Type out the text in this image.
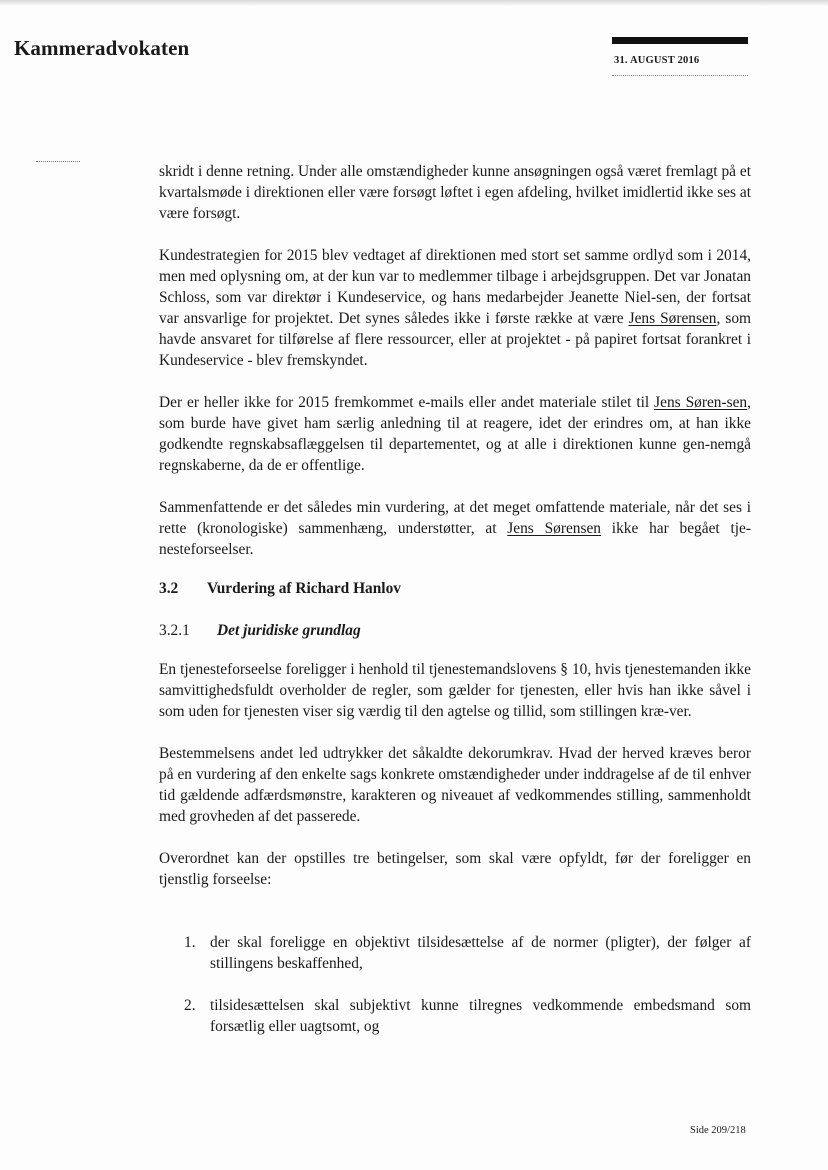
Kammeradvokaten
31. AUGUST 2016

skridt i denne retning. Under alle omstændigheder kunne ansøgningen også været fremlagt på et kvartalsmøde i direktionen eller være forsøgt løftet i egen afdeling, hvilket imidlertid ikke ses at være forsøgt.

Kundestrategien for 2015 blev vedtaget af direktionen med stort set samme ordlyd som i 2014, men med oplysning om, at der kun var to medlemmer tilbage i arbejdsgruppen. Det var Jonatan Schloss, som var direktør i Kundeservice, og hans medarbejder Jeanette Niel-sen, der fortsat var ansvarlige for projektet. Det synes således ikke i første række at være Jens Sørensen, som havde ansvaret for tilførelse af flere ressourcer, eller at projektet - på papiret fortsat forankret i Kundeservice - blev fremskyndet.

Der er heller ikke for 2015 fremkommet e-mails eller andet materiale stilet til Jens Søren-sen, som burde have givet ham særlig anledning til at reagere, idet der erindres om, at han ikke godkendte regnskabsaflæggelsen til departementet, og at alle i direktionen kunne gen-nemgå regnskaberne, da de er offentlige.

Sammenfattende er det således min vurdering, at det meget omfattende materiale, når det ses i rette (kronologiske) sammenhæng, understøtter, at Jens Sørensen ikke har begået tje-nesteforseelser.

3.2 Vurdering af Richard Hanlov
3.2.1 Det juridiske grundlag

En tjenesteforseelse foreligger i henhold til tjenestemandslovens § 10, hvis tjenestemanden ikke samvittighedsfuldt overholder de regler, som gælder for tjenesten, eller hvis han ikke såvel i som uden for tjenesten viser sig værdig til den agtelse og tillid, som stillingen kræ-ver.

Bestemmelsens andet led udtrykker det såkaldte dekorumkrav. Hvad der herved kræves beror på en vurdering af den enkelte sags konkrete omstændigheder under inddragelse af de til enhver tid gældende adfærdsmønstre, karakteren og niveauet af vedkommendes stilling, sammenholdt med grovheden af det passerede.

Overordnet kan der opstilles tre betingelser, som skal være opfyldt, før der foreligger en tjenstlig forseelse:

1. der skal foreligge en objektivt tilsidesættelse af de normer (pligter), der følger af stillingens beskaffenhed,
2. tilsidesættelsen skal subjektivt kunne tilregnes vedkommende embedsmand som forsætlig eller uagtsomt, og
Side 209/218
